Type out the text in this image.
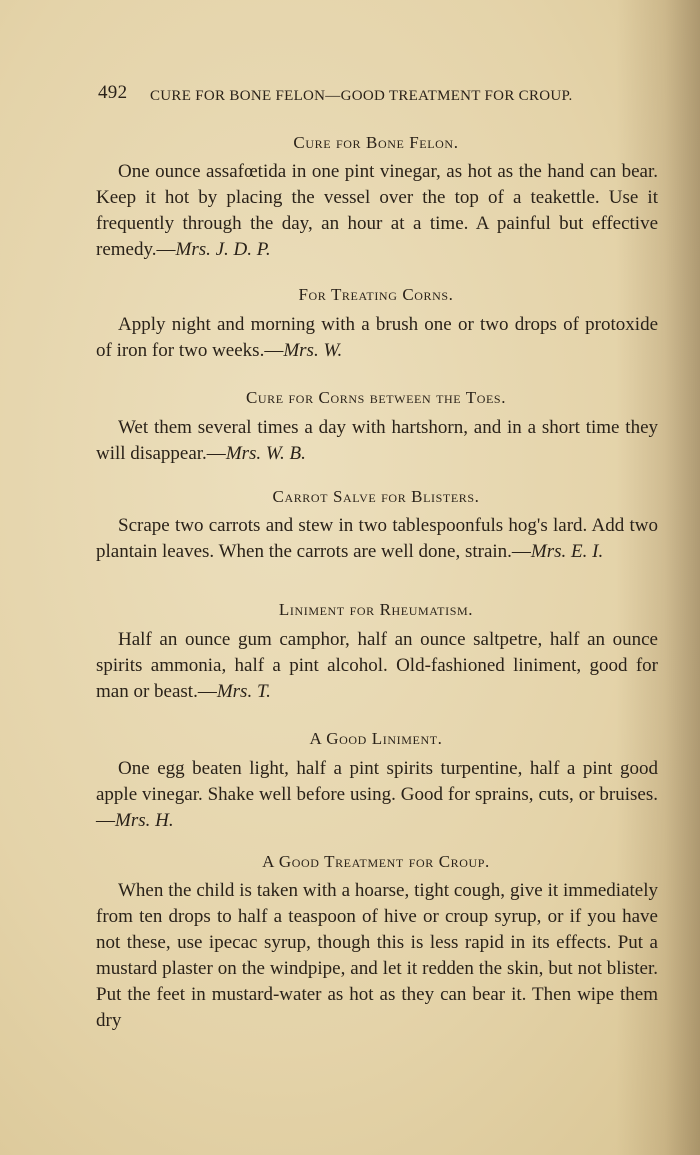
492 CURE FOR BONE FELON—GOOD TREATMENT FOR CROUP.
Cure for Bone Felon.

One ounce assafœtida in one pint vinegar, as hot as the hand can bear. Keep it hot by placing the vessel over the top of a teakettle. Use it frequently through the day, an hour at a time. A painful but effective remedy.—Mrs. J. D. P.

For Treating Corns.

Apply night and morning with a brush one or two drops of protoxide of iron for two weeks.—Mrs. W.

Cure for Corns between the Toes.

Wet them several times a day with hartshorn, and in a short time they will disappear.—Mrs. W. B.

Carrot Salve for Blisters.

Scrape two carrots and stew in two tablespoonfuls hog's lard. Add two plantain leaves. When the carrots are well done, strain.—Mrs. E. I.

Liniment for Rheumatism.

Half an ounce gum camphor, half an ounce saltpetre, half an ounce spirits ammonia, half a pint alcohol. Old-fashioned liniment, good for man or beast.—Mrs. T.

A Good Liniment.

One egg beaten light, half a pint spirits turpentine, half a pint good apple vinegar. Shake well before using. Good for sprains, cuts, or bruises.—Mrs. H.

A Good Treatment for Croup.

When the child is taken with a hoarse, tight cough, give it immediately from ten drops to half a teaspoon of hive or croup syrup, or if you have not these, use ipecac syrup, though this is less rapid in its effects. Put a mustard plaster on the windpipe, and let it redden the skin, but not blister. Put the feet in mustard-water as hot as they can bear it. Then wipe them dry
